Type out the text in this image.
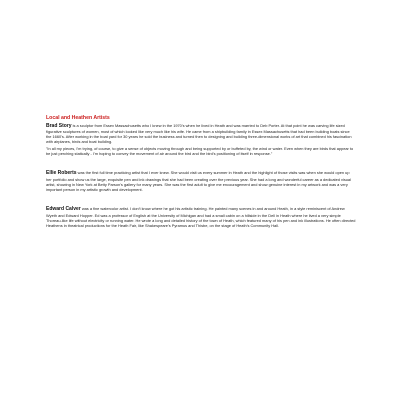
Local and Heathen Artists

Brad Story is a sculptor from Essex Massachusetts who I knew in the 1970's when he lived in Heath and was married to Deb Porter. At that point he was carving life sized figurative sculptures of women, most of which looked like very much like his wife. He came from a shipbuilding family in Essex Massachusetts that had been building boats since the 1660's. After working in the boat yard for 30 years he sold the business and turned then to designing and building three-dimensional works of art that combined his fascination with airplanes, birds and boat building.

"In all my pieces, I'm trying, of course, to give a sense of objects moving through and being supported by or buffeted by, the wind or water. Even when they are birds that appear to be just perching statically - I'm hoping to convey the movement of air around the bird and the bird's positioning of itself in response."

Ellie Roberts was the first full time practicing artist that I ever knew. She would visit us every summer in Heath and the highlight of those visits was when she would open up her portfolio and show us the large, exquisite pen and ink drawings that she had been creating over the previous year. She had a long and wonderful career as a dedicated visual artist, showing in New York at Betty Parson's gallery for many years. She was the first adult to give me encouragement and show genuine interest in my artwork and was a very important person in my artistic growth and development.

Edward Calver was a fine watercolor artist. I don't know where he got his artistic training. He painted many scenes in and around Heath, in a style reminiscent of Andrew Wyeth and Edward Hopper. Ed was a professor of English at the University of Michigan and had a small cabin on a hillside in the Dell in Heath where he lived a very simple Thoreau-like life without electricity or running water. He wrote a long and detailed history of the town of Heath, which featured many of his pen and ink illustrations. He often directed Heathens in theatrical productions for the Heath Fair, like Shakespeare's Pyramus and Thisbe, on the stage of Heath's Community Hall.
